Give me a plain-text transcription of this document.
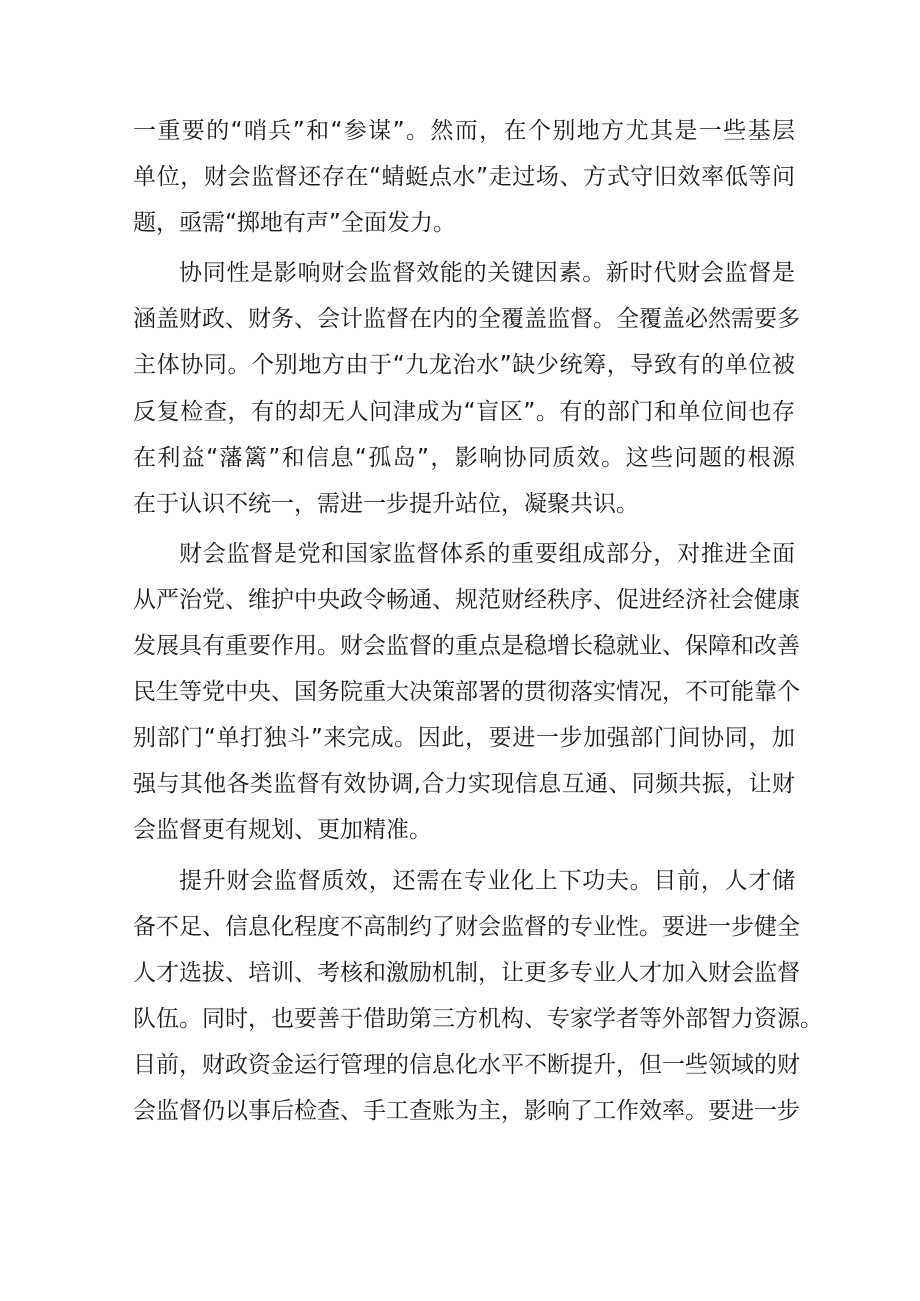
一重要的“哨兵”和“参谋”。然而，在个别地方尤其是一些基层
单位，财会监督还存在“蜻蜓点水”走过场、方式守旧效率低等问
题，亟需“掷地有声”全面发力。
协同性是影响财会监督效能的关键因素。新时代财会监督是
涵盖财政、财务、会计监督在内的全覆盖监督。全覆盖必然需要多
主体协同。个别地方由于“九龙治水”缺少统筹，导致有的单位被
反复检查，有的却无人问津成为“盲区”。有的部门和单位间也存
在利益“藩篱”和信息“孤岛”，影响协同质效。这些问题的根源
在于认识不统一，需进一步提升站位，凝聚共识。
财会监督是党和国家监督体系的重要组成部分，对推进全面
从严治党、维护中央政令畅通、规范财经秩序、促进经济社会健康
发展具有重要作用。财会监督的重点是稳增长稳就业、保障和改善
民生等党中央、国务院重大决策部署的贯彻落实情况，不可能靠个
别部门“单打独斗”来完成。因此，要进一步加强部门间协同，加
强与其他各类监督有效协调,合力实现信息互通、同频共振，让财
会监督更有规划、更加精准。
提升财会监督质效，还需在专业化上下功夫。目前，人才储
备不足、信息化程度不高制约了财会监督的专业性。要进一步健全
人才选拔、培训、考核和激励机制，让更多专业人才加入财会监督
队伍。同时，也要善于借助第三方机构、专家学者等外部智力资源。
目前，财政资金运行管理的信息化水平不断提升，但一些领域的财
会监督仍以事后检查、手工查账为主，影响了工作效率。要进一步
